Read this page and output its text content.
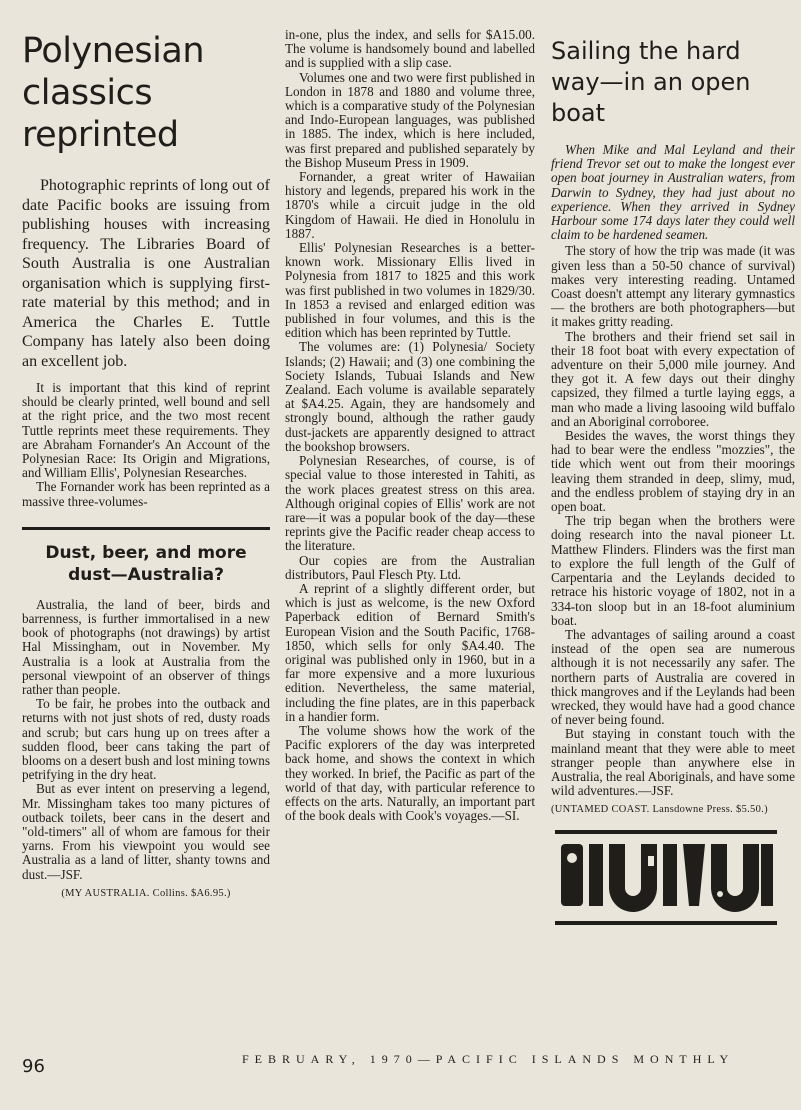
Polynesian classics reprinted

Photographic reprints of long out of date Pacific books are issuing from publishing houses with increasing frequency. The Libraries Board of South Australia is one Australian organisation which is supplying first-rate material by this method; and in America the Charles E. Tuttle Company has lately also been doing an excellent job.

It is important that this kind of reprint should be clearly printed, well bound and sell at the right price, and the two most recent Tuttle reprints meet these requirements. They are Abraham Fornander's An Account of the Polynesian Race: Its Origin and Migrations, and William Ellis', Polynesian Researches.

The Fornander work has been reprinted as a massive three-volumes-

Dust, beer, and more dust—Australia?

Australia, the land of beer, birds and barrenness, is further immortalised in a new book of photographs (not drawings) by artist Hal Missingham, out in November. My Australia is a look at Australia from the personal viewpoint of an observer of things rather than people.

To be fair, he probes into the outback and returns with not just shots of red, dusty roads and scrub; but cars hung up on trees after a sudden flood, beer cans taking the part of blooms on a desert bush and lost mining towns petrifying in the dry heat.

But as ever intent on preserving a legend, Mr. Missingham takes too many pictures of outback toilets, beer cans in the desert and "old-timers" all of whom are famous for their yarns. From his viewpoint you would see Australia as a land of litter, shanty towns and dust.—JSF.

(MY AUSTRALIA. Collins. $A6.95.)

in-one, plus the index, and sells for $A15.00. The volume is handsomely bound and labelled and is supplied with a slip case.

Volumes one and two were first published in London in 1878 and 1880 and volume three, which is a comparative study of the Polynesian and Indo-European languages, was published in 1885. The index, which is here included, was first prepared and published separately by the Bishop Museum Press in 1909.

Fornander, a great writer of Hawaiian history and legends, prepared his work in the 1870's while a circuit judge in the old Kingdom of Hawaii. He died in Honolulu in 1887.

Ellis' Polynesian Researches is a better-known work. Missionary Ellis lived in Polynesia from 1817 to 1825 and this work was first published in two volumes in 1829/30. In 1853 a revised and enlarged edition was published in four volumes, and this is the edition which has been reprinted by Tuttle.

The volumes are: (1) Polynesia/ Society Islands; (2) Hawaii; and (3) one combining the Society Islands, Tubuai Islands and New Zealand. Each volume is available separately at $A4.25. Again, they are handsomely and strongly bound, although the rather gaudy dust-jackets are apparently designed to attract the bookshop browsers.

Polynesian Researches, of course, is of special value to those interested in Tahiti, as the work places greatest stress on this area. Although original copies of Ellis' work are not rare—it was a popular book of the day—these reprints give the Pacific reader cheap access to the literature.

Our copies are from the Australian distributors, Paul Flesch Pty. Ltd.

A reprint of a slightly different order, but which is just as welcome, is the new Oxford Paperback edition of Bernard Smith's European Vision and the South Pacific, 1768-1850, which sells for only $A4.40. The original was published only in 1960, but in a far more expensive and a more luxurious edition. Nevertheless, the same material, including the fine plates, are in this paperback in a handier form.

The volume shows how the work of the Pacific explorers of the day was interpreted back home, and shows the context in which they worked. In brief, the Pacific as part of the world of that day, with particular reference to effects on the arts. Naturally, an important part of the book deals with Cook's voyages.—SI.

Sailing the hard way—in an open boat

When Mike and Mal Leyland and their friend Trevor set out to make the longest ever open boat journey in Australian waters, from Darwin to Sydney, they had just about no experience. When they arrived in Sydney Harbour some 174 days later they could well claim to be hardened seamen.

The story of how the trip was made (it was given less than a 50-50 chance of survival) makes very interesting reading. Untamed Coast doesn't attempt any literary gymnastics — the brothers are both photographers—but it makes gritty reading.

The brothers and their friend set sail in their 18 foot boat with every expectation of adventure on their 5,000 mile journey. And they got it. A few days out their dinghy capsized, they filmed a turtle laying eggs, a man who made a living lasooing wild buffalo and an Aboriginal corroboree.

Besides the waves, the worst things they had to bear were the endless "mozzies", the tide which went out from their moorings leaving them stranded in deep, slimy, mud, and the endless problem of staying dry in an open boat.

The trip began when the brothers were doing research into the naval pioneer Lt. Matthew Flinders. Flinders was the first man to explore the full length of the Gulf of Carpentaria and the Leylands decided to retrace his historic voyage of 1802, not in a 334-ton sloop but in an 18-foot aluminium boat.

The advantages of sailing around a coast instead of the open sea are numerous although it is not necessarily any safer. The northern parts of Australia are covered in thick mangroves and if the Leylands had been wrecked, they would have had a good chance of never being found.

But staying in constant touch with the mainland meant that they were able to meet stranger people than anywhere else in Australia, the real Aboriginals, and have some wild adventures.—JSF.

(UNTAMED COAST. Lansdowne Press. $5.50.)
96	FEBRUARY, 1970—PACIFIC ISLANDS MONTHLY
